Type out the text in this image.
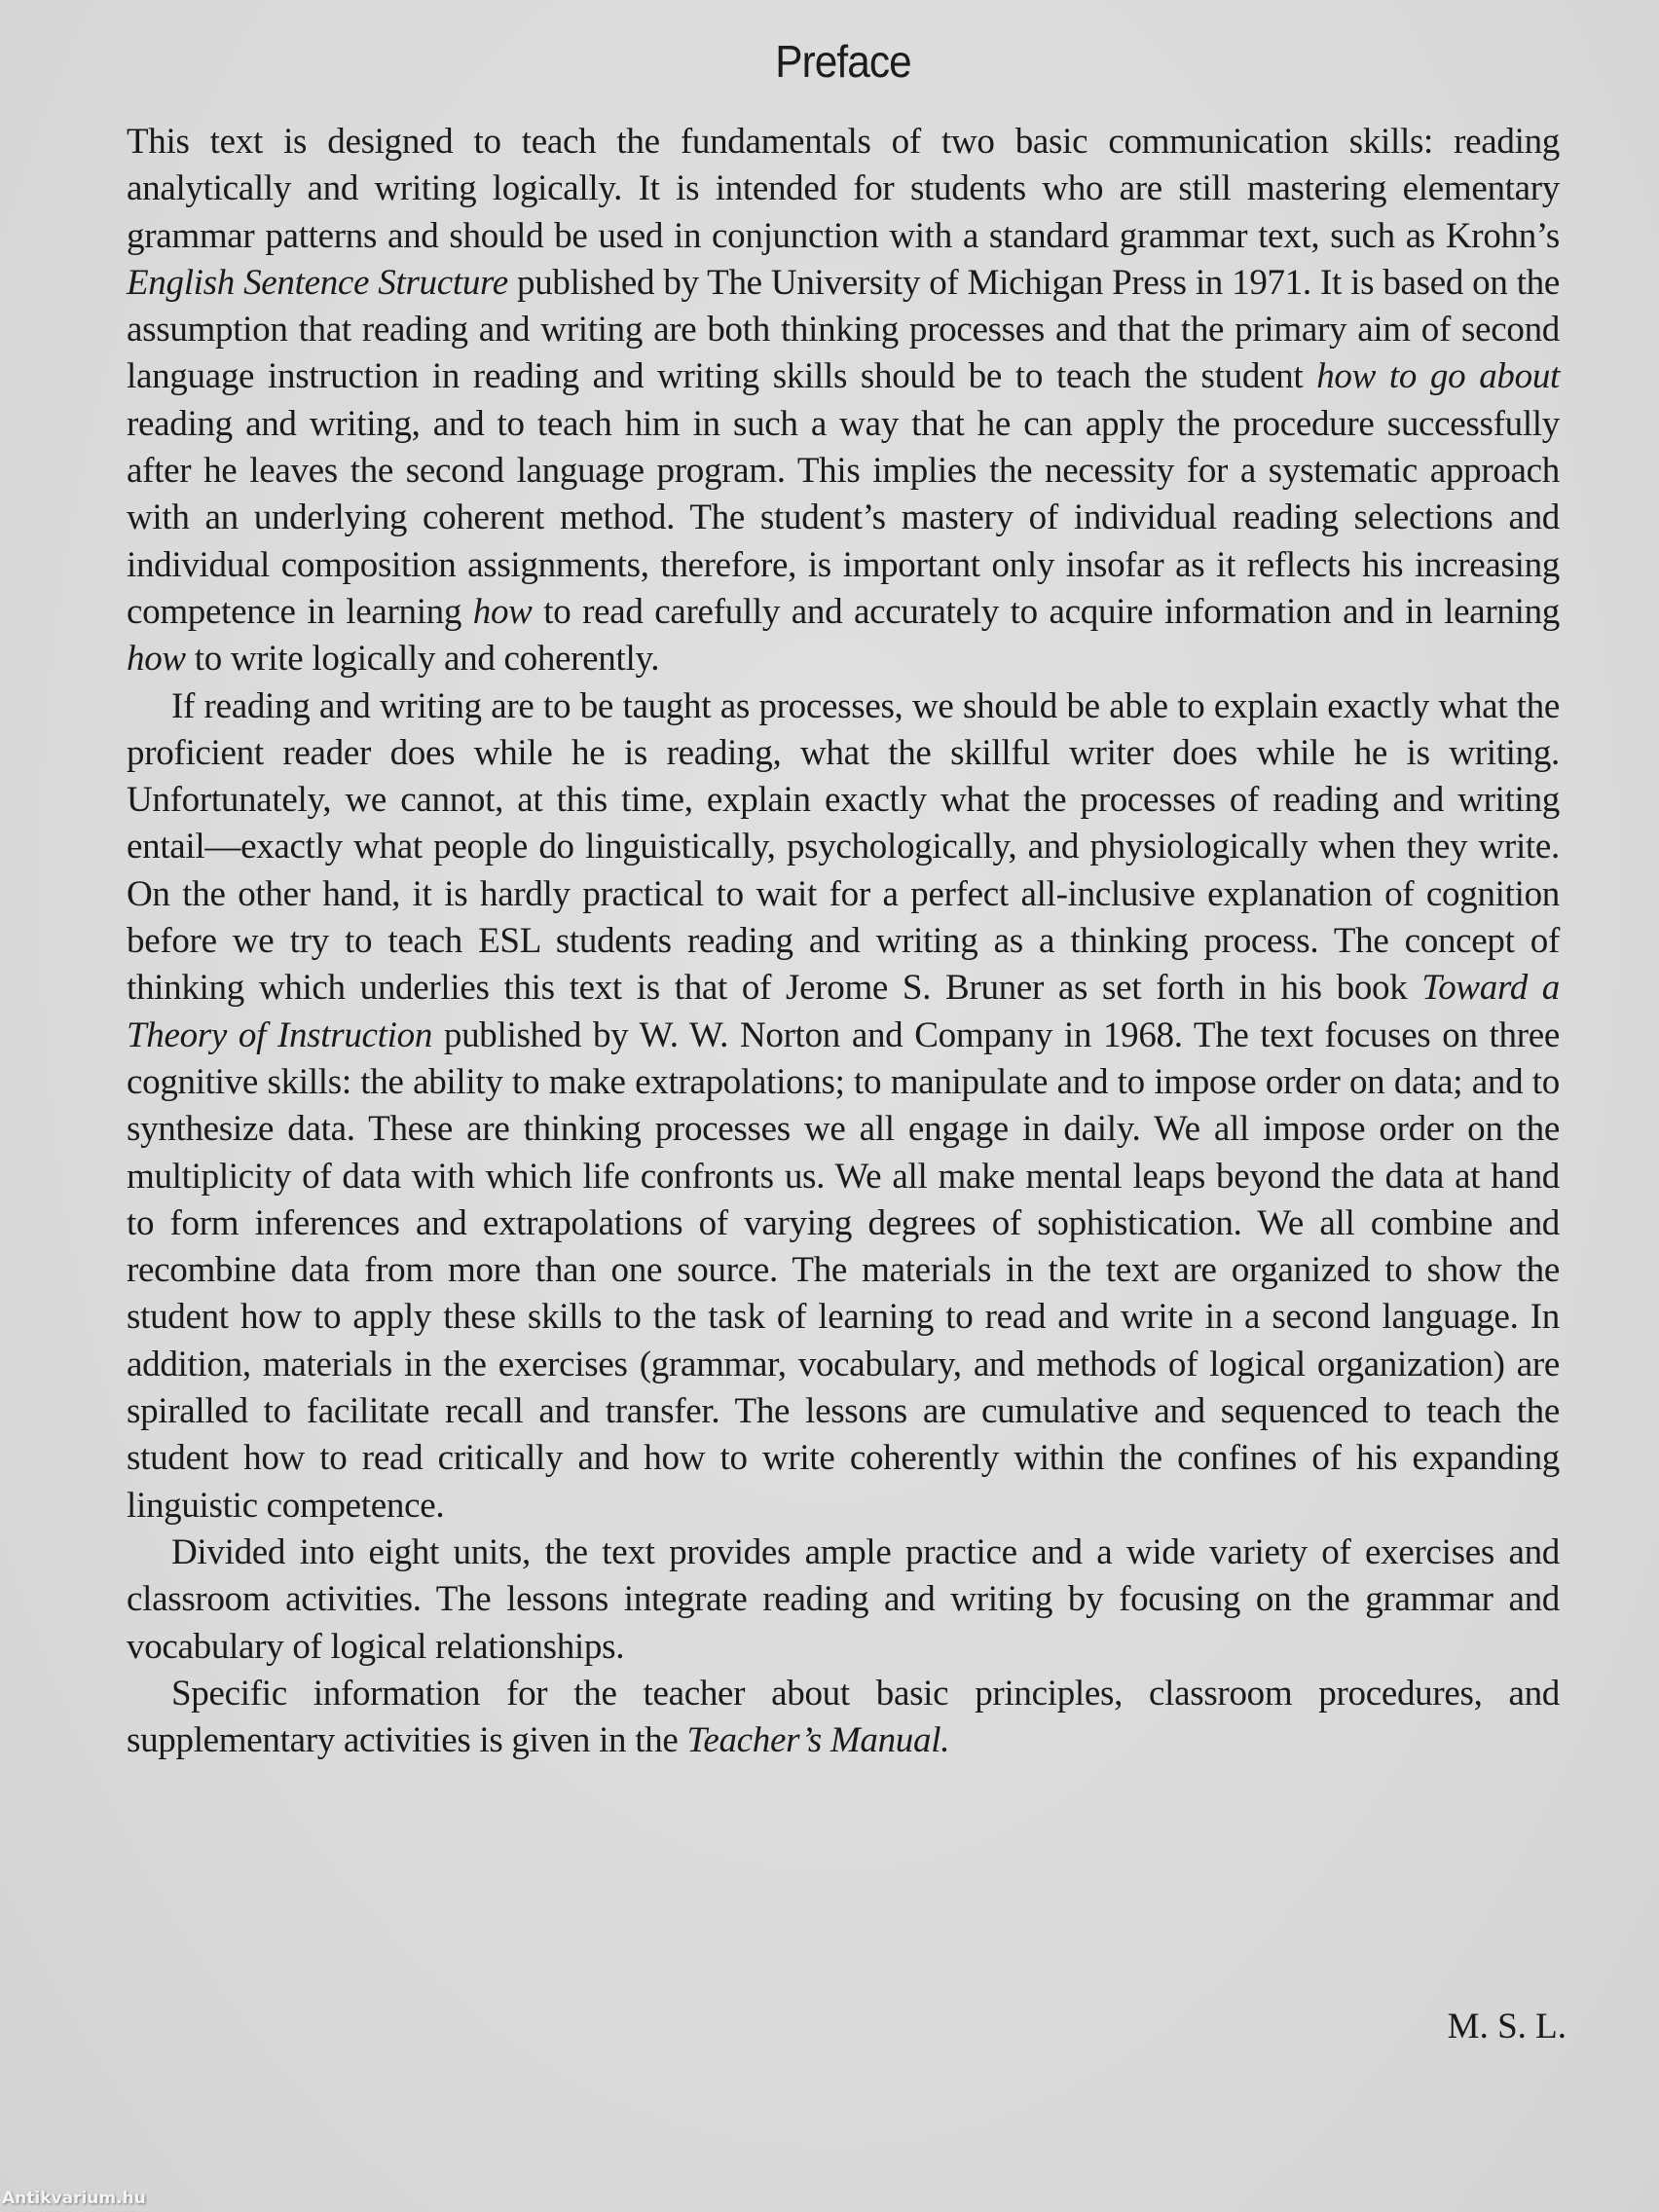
Preface

This text is designed to teach the fundamentals of two basic communication skills: reading analytically and writing logically. It is intended for students who are still mastering elementary grammar patterns and should be used in conjunction with a standard grammar text, such as Krohn’s English Sentence Structure published by The University of Michigan Press in 1971. It is based on the assumption that reading and writing are both thinking processes and that the primary aim of second language instruction in reading and writing skills should be to teach the student how to go about reading and writing, and to teach him in such a way that he can apply the procedure successfully after he leaves the second language program. This implies the necessity for a systematic approach with an underlying coherent method. The student’s mastery of individual reading selections and individual composition assignments, therefore, is important only insofar as it reflects his increasing competence in learning how to read carefully and accurately to acquire information and in learning how to write logically and coherently.

If reading and writing are to be taught as processes, we should be able to explain exactly what the proficient reader does while he is reading, what the skillful writer does while he is writing. Unfortunately, we cannot, at this time, explain exactly what the processes of reading and writing entail—exactly what people do linguistically, psychologically, and physiologically when they write. On the other hand, it is hardly practical to wait for a perfect all-inclusive explanation of cognition before we try to teach ESL students reading and writing as a thinking process. The concept of thinking which underlies this text is that of Jerome S. Bruner as set forth in his book Toward a Theory of Instruction published by W. W. Norton and Company in 1968. The text focuses on three cognitive skills: the ability to make extrapolations; to manipulate and to impose order on data; and to synthesize data. These are thinking processes we all engage in daily. We all impose order on the multiplicity of data with which life confronts us. We all make mental leaps beyond the data at hand to form inferences and extrapolations of varying degrees of sophistication. We all combine and recombine data from more than one source. The materials in the text are organized to show the student how to apply these skills to the task of learning to read and write in a second language. In addition, materials in the exercises (grammar, vocabulary, and methods of logical organization) are spiralled to facilitate recall and transfer. The lessons are cumulative and sequenced to teach the student how to read critically and how to write coherently within the confines of his expanding linguistic competence.

Divided into eight units, the text provides ample practice and a wide variety of exercises and classroom activities. The lessons integrate reading and writing by focusing on the grammar and vocabulary of logical relationships.

Specific information for the teacher about basic principles, classroom procedures, and supplementary activities is given in the Teacher’s Manual.

M. S. L.
Antikvarium.hu
